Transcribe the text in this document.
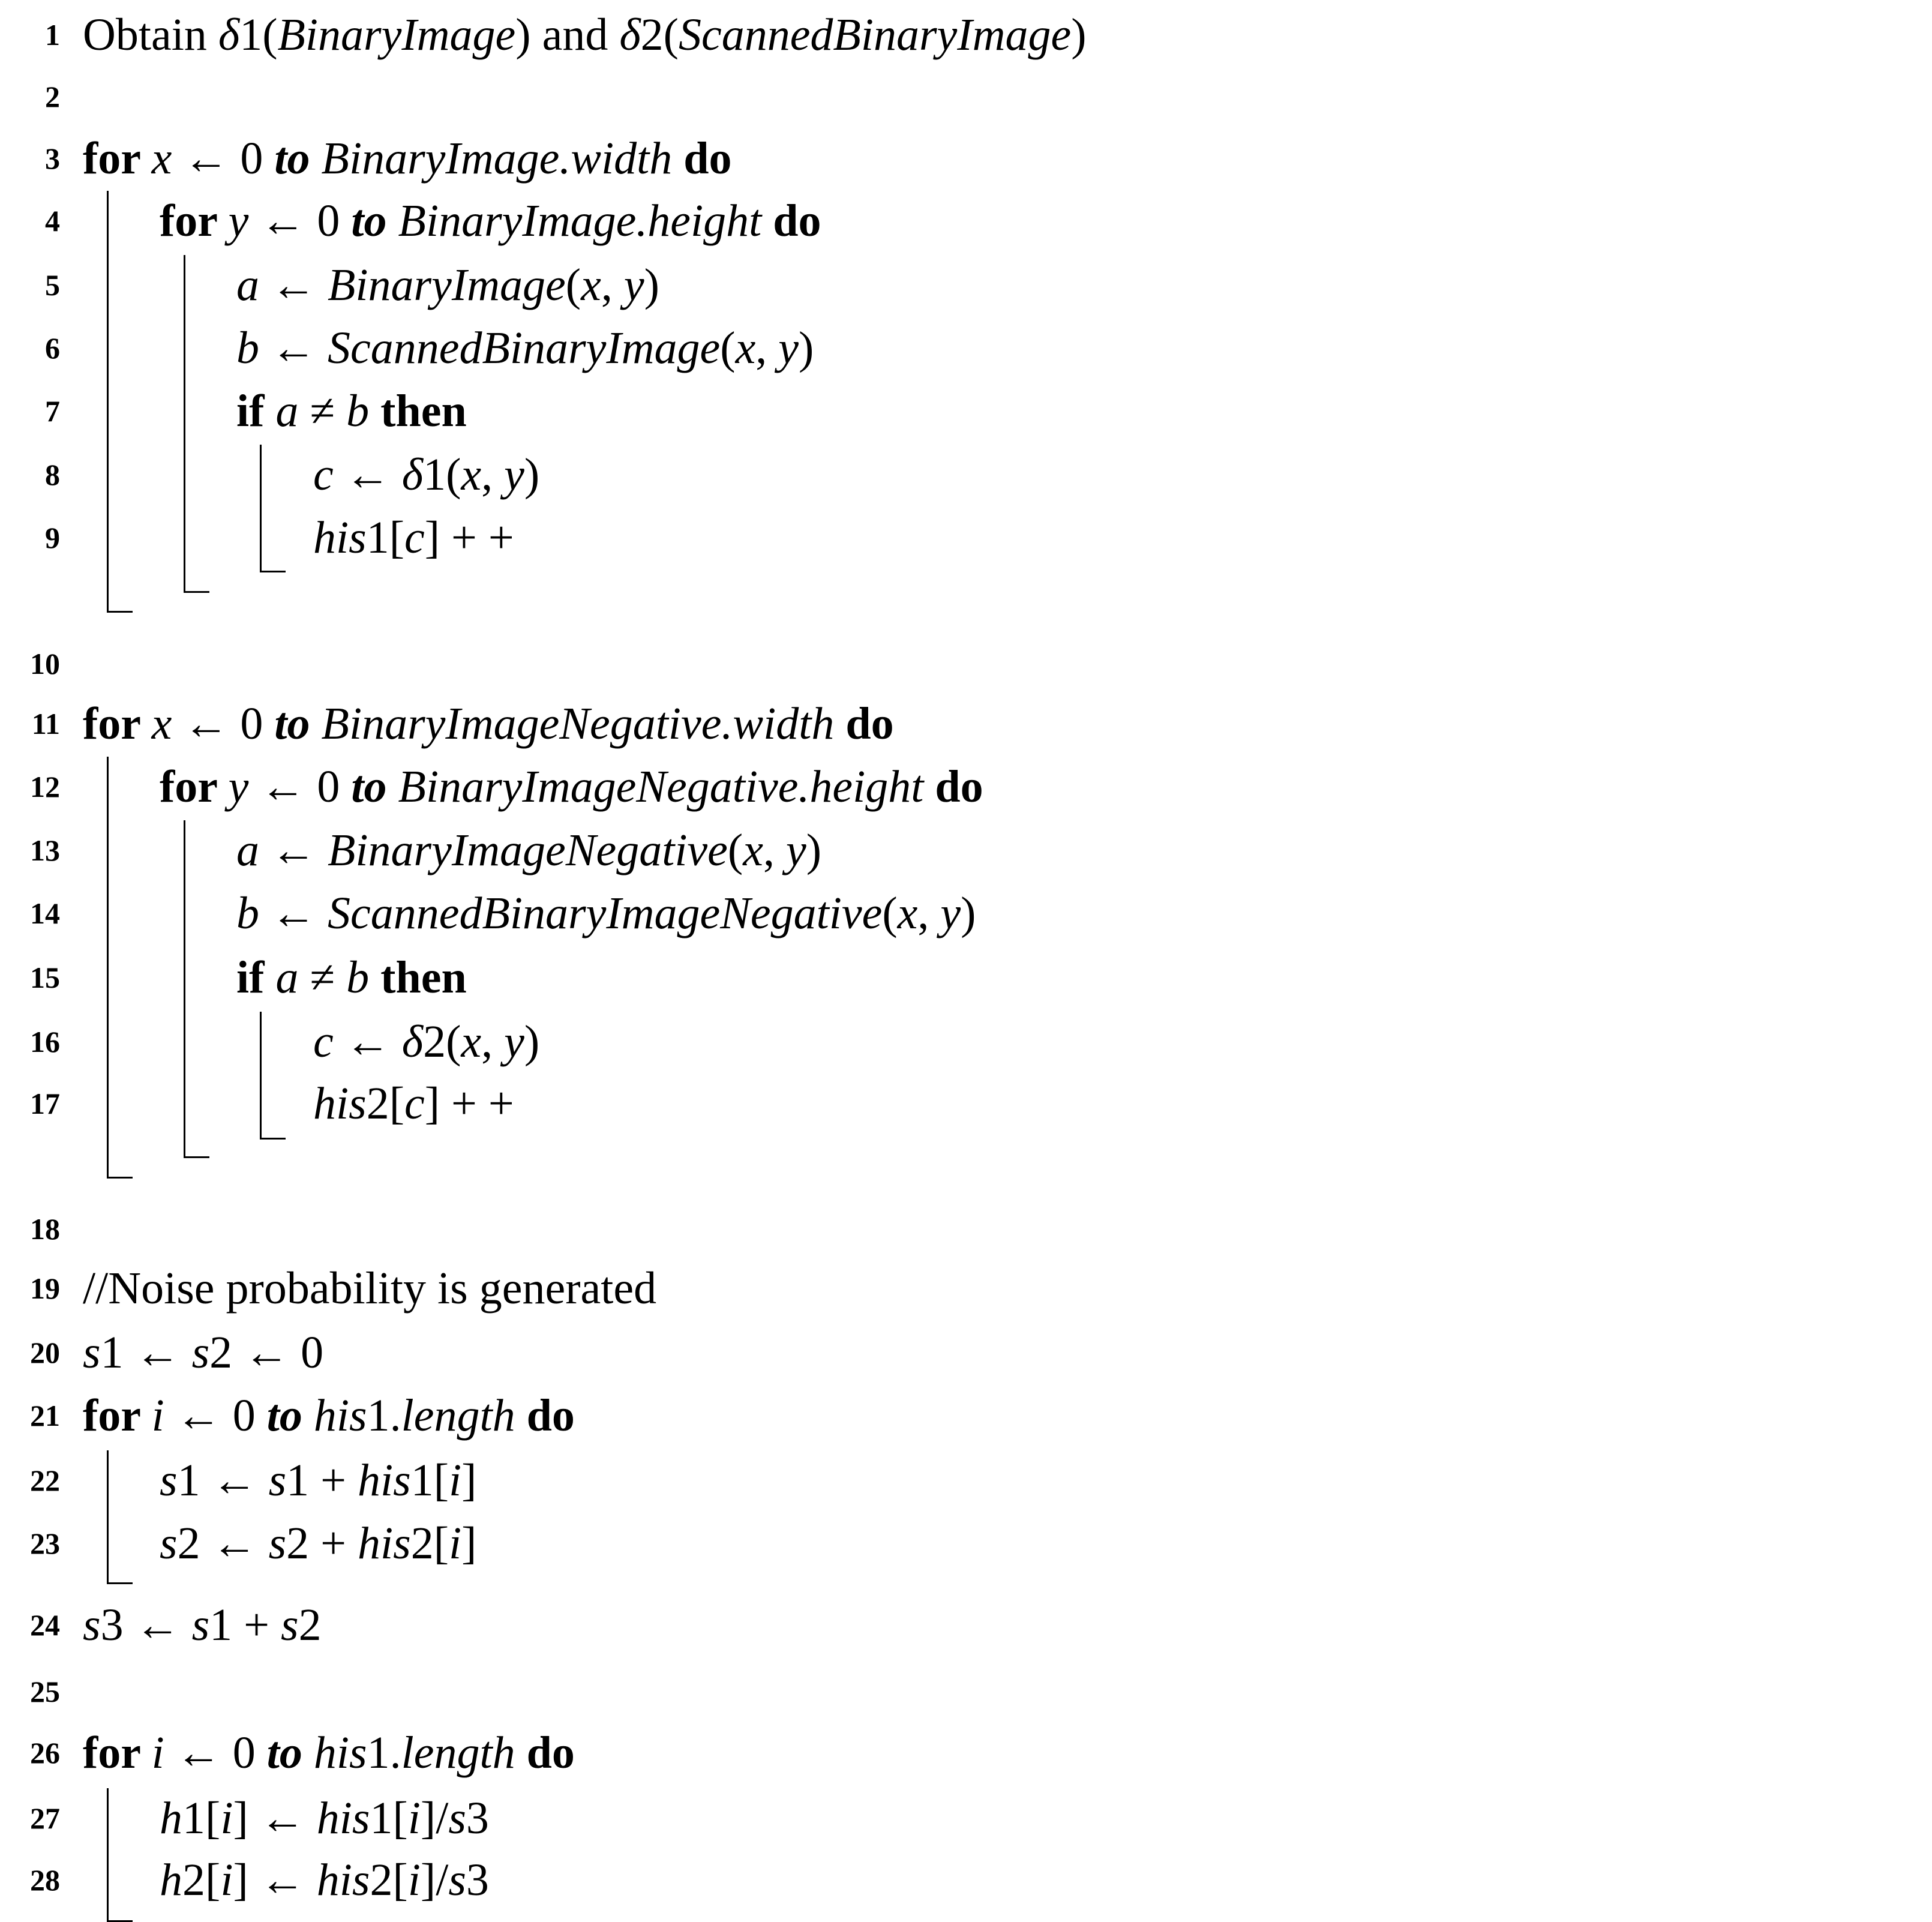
1 Obtain δ1(BinaryImage) and δ2(ScannedBinaryImage)
2
3 for x ← 0 to BinaryImage.width do
4 for y ← 0 to BinaryImage.height do
5	a ← BinaryImage(x, y)
6	b ← ScannedBinaryImage(x, y)
7	if a ≠ b then
8	c ← δ1(x, y)
9	his1[c] + +
10
11 for x ← 0 to BinaryImageNegative.width do
12 for y ← 0 to BinaryImageNegative.height do
13	a ← BinaryImageNegative(x, y)
14	b ← ScannedBinaryImageNegative(x, y)
15	if a ≠ b then
16	c ← δ2(x, y)
17	his2[c] + +
18
19 //Noise probability is generated
20 s1 ← s2 ← 0
21 for i ← 0 to his1.length do
22 s1 ← s1 + his1[i]
23 s2 ← s2 + his2[i]
24 s3 ← s1 + s2
25
26 for i ← 0 to his1.length do
27 h1[i] ← his1[i]/s3
28 h2[i] ← his2[i]/s3
